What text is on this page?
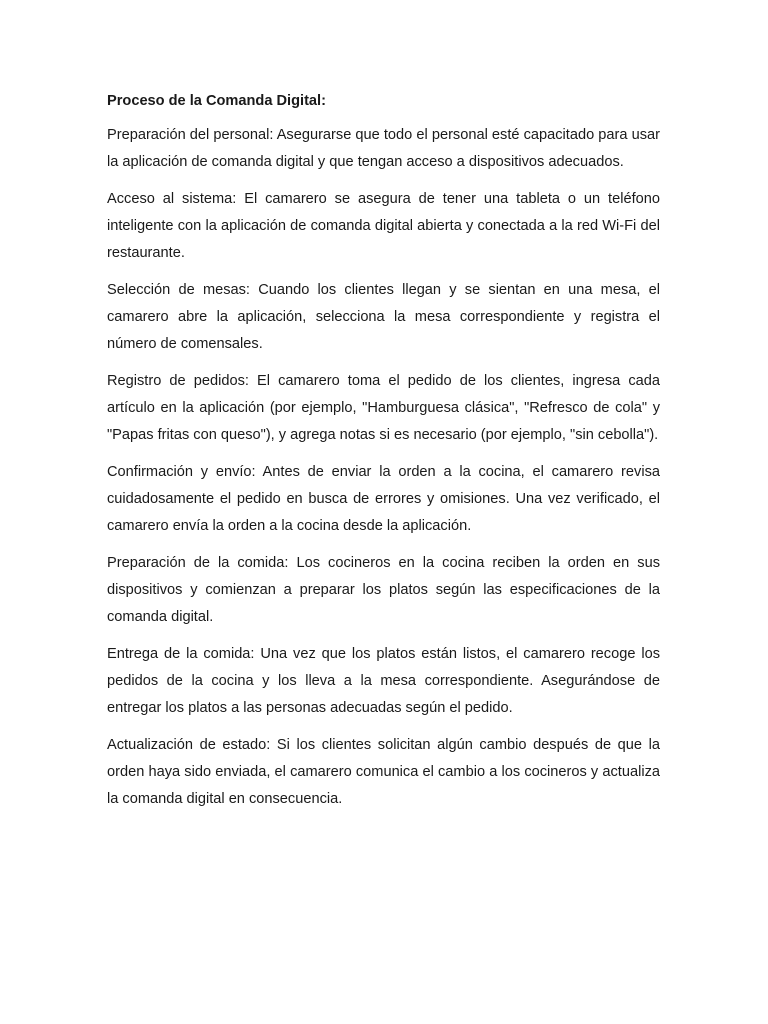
Proceso de la Comanda Digital:

Preparación del personal: Asegurarse que todo el personal esté capacitado para usar la aplicación de comanda digital y que tengan acceso a dispositivos adecuados.

Acceso al sistema: El camarero se asegura de tener una tableta o un teléfono inteligente con la aplicación de comanda digital abierta y conectada a la red Wi-Fi del restaurante.

Selección de mesas: Cuando los clientes llegan y se sientan en una mesa, el camarero abre la aplicación, selecciona la mesa correspondiente y registra el número de comensales.

Registro de pedidos: El camarero toma el pedido de los clientes, ingresa cada artículo en la aplicación (por ejemplo, "Hamburguesa clásica", "Refresco de cola" y "Papas fritas con queso"), y agrega notas si es necesario (por ejemplo, "sin cebolla").

Confirmación y envío: Antes de enviar la orden a la cocina, el camarero revisa cuidadosamente el pedido en busca de errores y omisiones. Una vez verificado, el camarero envía la orden a la cocina desde la aplicación.

Preparación de la comida: Los cocineros en la cocina reciben la orden en sus dispositivos y comienzan a preparar los platos según las especificaciones de la comanda digital.

Entrega de la comida: Una vez que los platos están listos, el camarero recoge los pedidos de la cocina y los lleva a la mesa correspondiente. Asegurándose de entregar los platos a las personas adecuadas según el pedido.

Actualización de estado: Si los clientes solicitan algún cambio después de que la orden haya sido enviada, el camarero comunica el cambio a los cocineros y actualiza la comanda digital en consecuencia.
